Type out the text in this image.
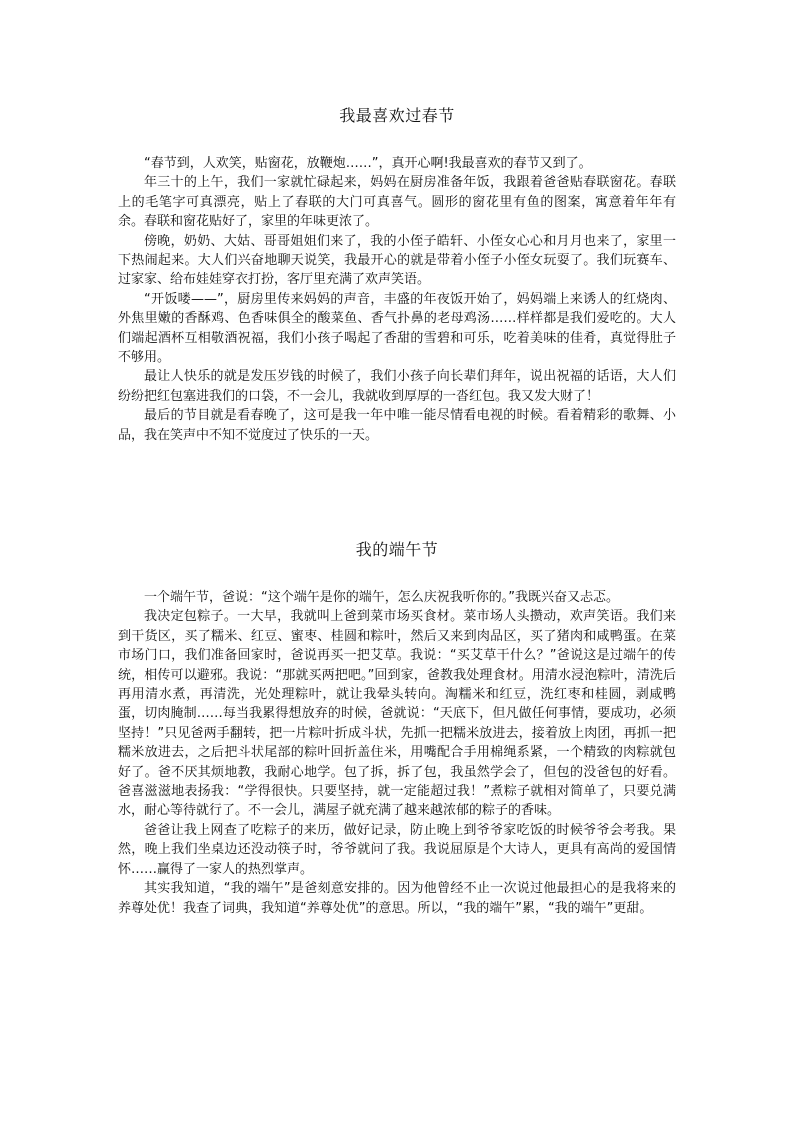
我最喜欢过春节

“春节到，人欢笑，贴窗花，放鞭炮……”，真开心啊!我最喜欢的春节又到了。

年三十的上午，我们一家就忙碌起来，妈妈在厨房准备年饭，我跟着爸爸贴春联窗花。春联上的毛笔字可真漂亮，贴上了春联的大门可真喜气。圆形的窗花里有鱼的图案，寓意着年年有余。春联和窗花贴好了，家里的年味更浓了。

傍晚，奶奶、大姑、哥哥姐姐们来了，我的小侄子皓轩、小侄女心心和月月也来了，家里一下热闹起来。大人们兴奋地聊天说笑，我最开心的就是带着小侄子小侄女玩耍了。我们玩赛车、过家家、给布娃娃穿衣打扮，客厅里充满了欢声笑语。

“开饭喽——”，厨房里传来妈妈的声音，丰盛的年夜饭开始了，妈妈端上来诱人的红烧肉、外焦里嫩的香酥鸡、色香味俱全的酸菜鱼、香气扑鼻的老母鸡汤……样样都是我们爱吃的。大人们端起酒杯互相敬酒祝福，我们小孩子喝起了香甜的雪碧和可乐，吃着美味的佳肴，真觉得肚子不够用。

最让人快乐的就是发压岁钱的时候了，我们小孩子向长辈们拜年，说出祝福的话语，大人们纷纷把红包塞进我们的口袋，不一会儿，我就收到厚厚的一沓红包。我又发大财了！

最后的节目就是看春晚了，这可是我一年中唯一能尽情看电视的时候。看着精彩的歌舞、小品，我在笑声中不知不觉度过了快乐的一天。

我的端午节

一个端午节，爸说：“这个端午是你的端午，怎么庆祝我听你的。”我既兴奋又忐忑。

我决定包粽子。一大早，我就叫上爸到菜市场买食材。菜市场人头攒动，欢声笑语。我们来到干货区，买了糯米、红豆、蜜枣、桂圆和粽叶，然后又来到肉品区，买了猪肉和咸鸭蛋。在菜市场门口，我们准备回家时，爸说再买一把艾草。我说：“买艾草干什么？”爸说这是过端午的传统，相传可以避邪。我说：“那就买两把吧。”回到家，爸教我处理食材。用清水浸泡粽叶，清洗后再用清水煮，再清洗，光处理粽叶，就让我晕头转向。淘糯米和红豆，洗红枣和桂圆，剥咸鸭蛋，切肉腌制……每当我累得想放弃的时候，爸就说：“天底下，但凡做任何事情，要成功，必须坚持！”只见爸两手翻转，把一片粽叶折成斗状，先抓一把糯米放进去，接着放上肉团，再抓一把糯米放进去，之后把斗状尾部的粽叶回折盖住米，用嘴配合手用棉绳系紧，一个精致的肉粽就包好了。爸不厌其烦地教，我耐心地学。包了拆，拆了包，我虽然学会了，但包的没爸包的好看。爸喜滋滋地表扬我：“学得很快。只要坚持，就一定能超过我！”煮粽子就相对简单了，只要兑满水，耐心等待就行了。不一会儿，满屋子就充满了越来越浓郁的粽子的香味。

爸爸让我上网查了吃粽子的来历，做好记录，防止晚上到爷爷家吃饭的时候爷爷会考我。果然，晚上我们坐桌边还没动筷子时，爷爷就问了我。我说屈原是个大诗人，更具有高尚的爱国情怀……赢得了一家人的热烈掌声。

其实我知道，“我的端午”是爸刻意安排的。因为他曾经不止一次说过他最担心的是我将来的养尊处优！我查了词典，我知道“养尊处优”的意思。所以，“我的端午”累，“我的端午”更甜。
